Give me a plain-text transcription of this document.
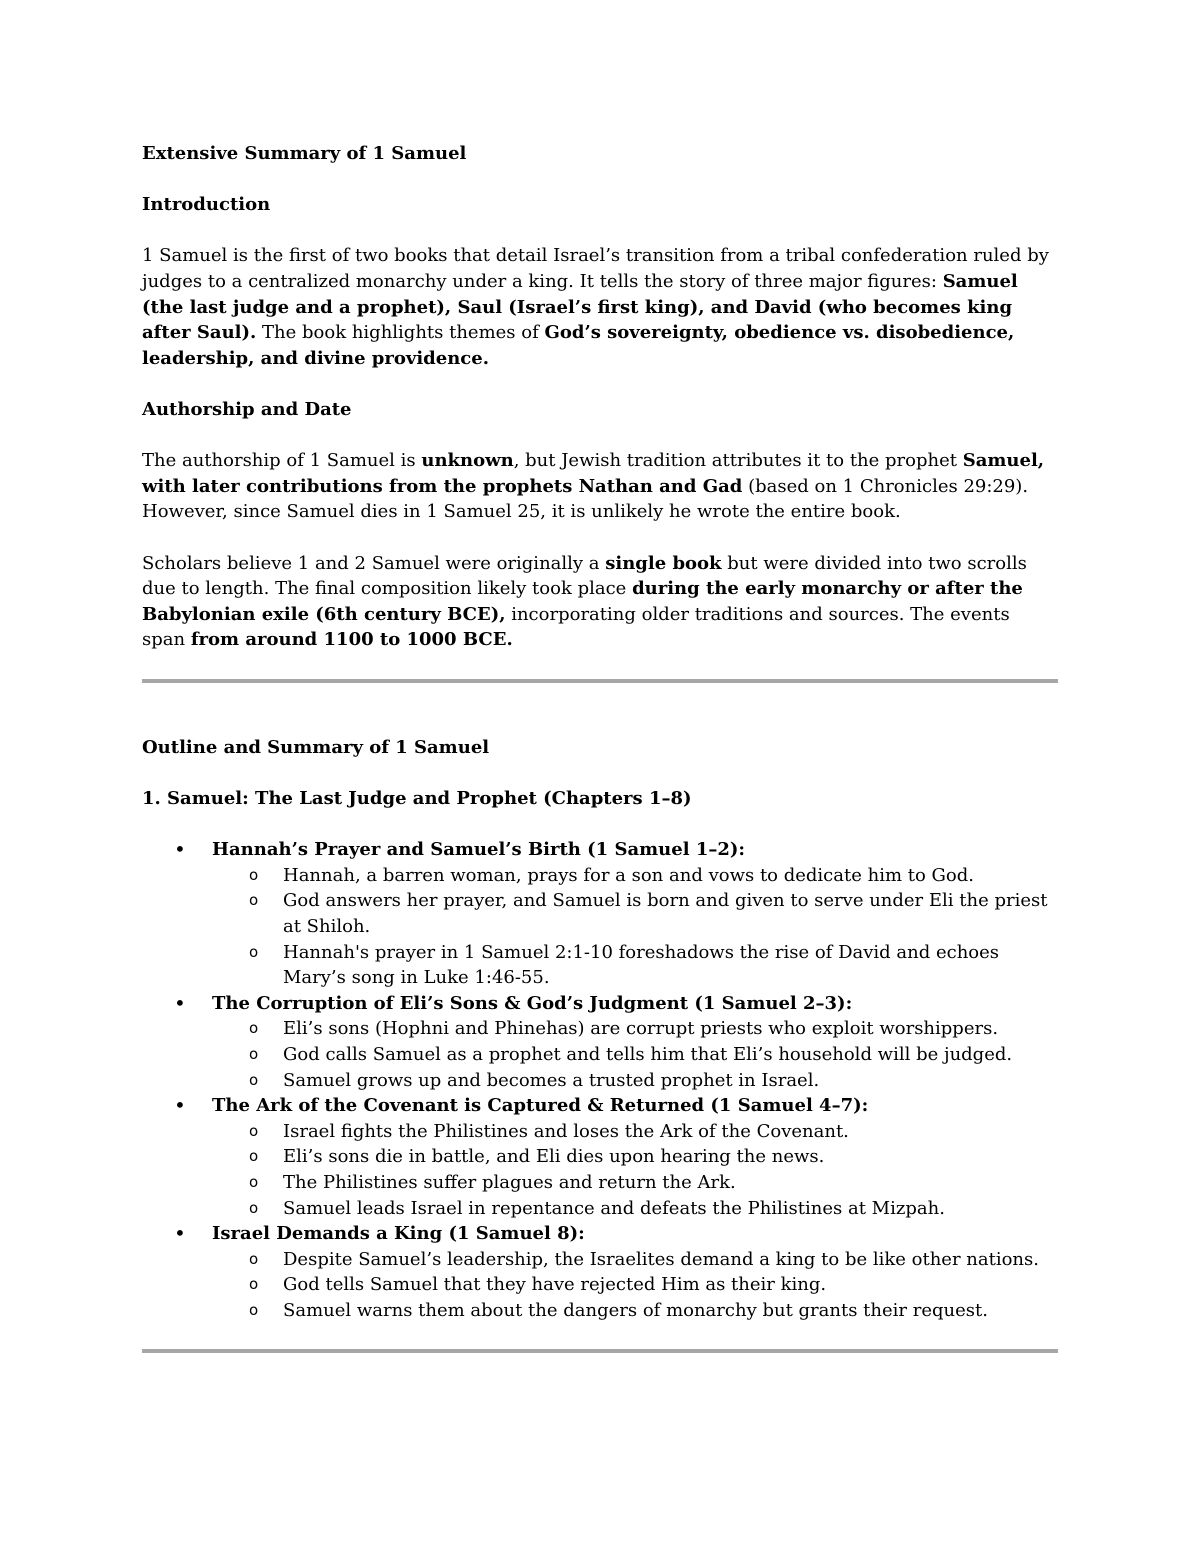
Extensive Summary of 1 Samuel

Introduction

1 Samuel is the first of two books that detail Israel’s transition from a tribal confederation ruled by judges to a centralized monarchy under a king. It tells the story of three major figures: Samuel (the last judge and a prophet), Saul (Israel’s first king), and David (who becomes king after Saul). The book highlights themes of God’s sovereignty, obedience vs. disobedience, leadership, and divine providence.

Authorship and Date

The authorship of 1 Samuel is unknown, but Jewish tradition attributes it to the prophet Samuel, with later contributions from the prophets Nathan and Gad (based on 1 Chronicles 29:29). However, since Samuel dies in 1 Samuel 25, it is unlikely he wrote the entire book.

Scholars believe 1 and 2 Samuel were originally a single book but were divided into two scrolls due to length. The final composition likely took place during the early monarchy or after the Babylonian exile (6th century BCE), incorporating older traditions and sources. The events span from around 1100 to 1000 BCE.

Outline and Summary of 1 Samuel

1. Samuel: The Last Judge and Prophet (Chapters 1–8)

• Hannah’s Prayer and Samuel’s Birth (1 Samuel 1–2):
o Hannah, a barren woman, prays for a son and vows to dedicate him to God.
o God answers her prayer, and Samuel is born and given to serve under Eli the priest at Shiloh.
o Hannah's prayer in 1 Samuel 2:1-10 foreshadows the rise of David and echoes Mary’s song in Luke 1:46-55.
• The Corruption of Eli’s Sons & God’s Judgment (1 Samuel 2–3):
o Eli’s sons (Hophni and Phinehas) are corrupt priests who exploit worshippers.
o God calls Samuel as a prophet and tells him that Eli’s household will be judged.
o Samuel grows up and becomes a trusted prophet in Israel.
• The Ark of the Covenant is Captured & Returned (1 Samuel 4–7):
o Israel fights the Philistines and loses the Ark of the Covenant.
o Eli’s sons die in battle, and Eli dies upon hearing the news.
o The Philistines suffer plagues and return the Ark.
o Samuel leads Israel in repentance and defeats the Philistines at Mizpah.
• Israel Demands a King (1 Samuel 8):
o Despite Samuel’s leadership, the Israelites demand a king to be like other nations.
o God tells Samuel that they have rejected Him as their king.
o Samuel warns them about the dangers of monarchy but grants their request.
